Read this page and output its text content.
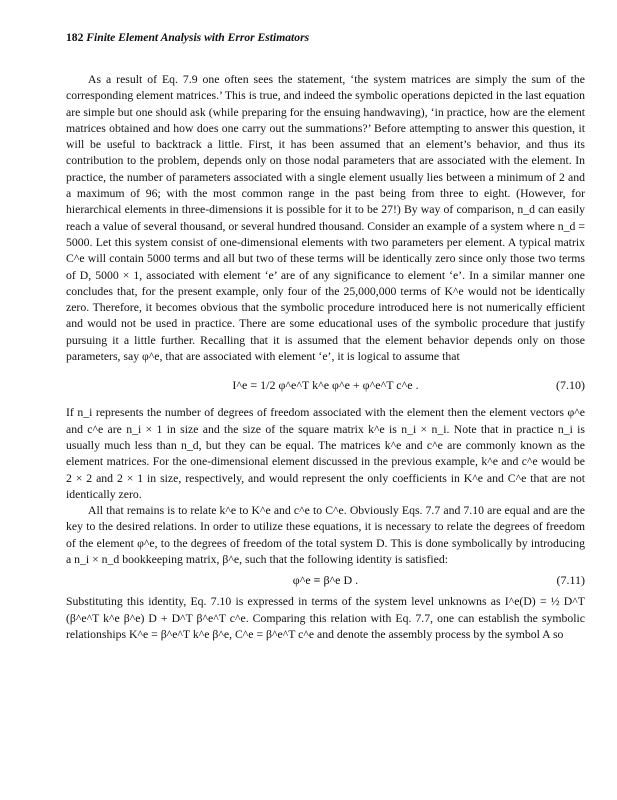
182 Finite Element Analysis with Error Estimators

As a result of Eq. 7.9 one often sees the statement, ‘the system matrices are simply the sum of the corresponding element matrices.’ This is true, and indeed the symbolic operations depicted in the last equation are simple but one should ask (while preparing for the ensuing handwaving), ‘in practice, how are the element matrices obtained and how does one carry out the summations?’ Before attempting to answer this question, it will be useful to backtrack a little. First, it has been assumed that an element’s behavior, and thus its contribution to the problem, depends only on those nodal parameters that are associated with the element. In practice, the number of parameters associated with a single element usually lies between a minimum of 2 and a maximum of 96; with the most common range in the past being from three to eight. (However, for hierarchical elements in three-dimensions it is possible for it to be 27!) By way of comparison, n_d can easily reach a value of several thousand, or several hundred thousand. Consider an example of a system where n_d = 5000. Let this system consist of one-dimensional elements with two parameters per element. A typical matrix C^e will contain 5000 terms and all but two of these terms will be identically zero since only those two terms of D, 5000 × 1, associated with element ‘e’ are of any significance to element ‘e’. In a similar manner one concludes that, for the present example, only four of the 25,000,000 terms of K^e would not be identically zero. Therefore, it becomes obvious that the symbolic procedure introduced here is not numerically efficient and would not be used in practice. There are some educational uses of the symbolic procedure that justify pursuing it a little further. Recalling that it is assumed that the element behavior depends only on those parameters, say φ^e, that are associated with element ‘e’, it is logical to assume that

I^e = 1/2 φ^e^T k^e φ^e + φ^e^T c^e .	(7.10)

If n_i represents the number of degrees of freedom associated with the element then the element vectors φ^e and c^e are n_i × 1 in size and the size of the square matrix k^e is n_i × n_i. Note that in practice n_i is usually much less than n_d, but they can be equal. The matrices k^e and c^e are commonly known as the element matrices. For the one-dimensional element discussed in the previous example, k^e and c^e would be 2 × 2 and 2 × 1 in size, respectively, and would represent the only coefficients in K^e and C^e that are not identically zero.

All that remains is to relate k^e to K^e and c^e to C^e. Obviously Eqs. 7.7 and 7.10 are equal and are the key to the desired relations. In order to utilize these equations, it is necessary to relate the degrees of freedom of the element φ^e, to the degrees of freedom of the total system D. This is done symbolically by introducing a n_i × n_d bookkeeping matrix, β^e, such that the following identity is satisfied:

φ^e ≡ β^e D .	(7.11)

Substituting this identity, Eq. 7.10 is expressed in terms of the system level unknowns as I^e(D) = ½ D^T (β^e^T k^e β^e) D + D^T β^e^T c^e. Comparing this relation with Eq. 7.7, one can establish the symbolic relationships K^e = β^e^T k^e β^e, C^e = β^e^T c^e and denote the assembly process by the symbol A so
